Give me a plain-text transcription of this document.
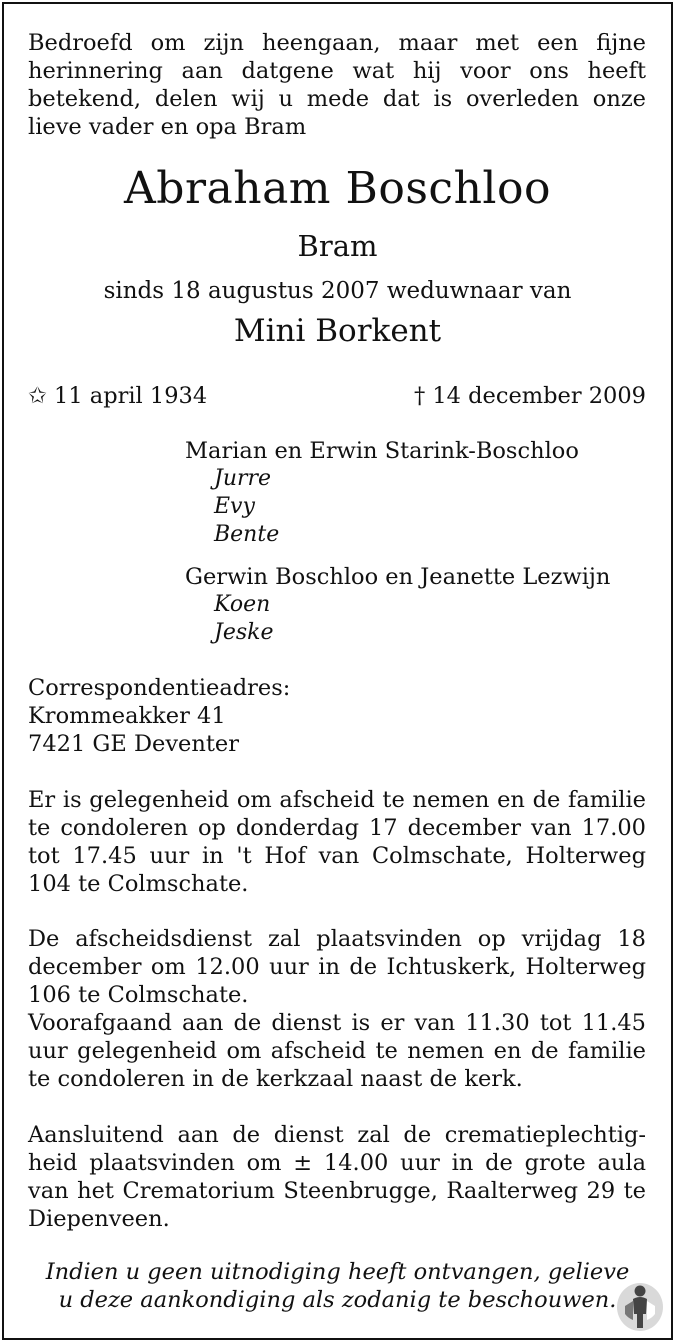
Bedroefd om zijn heengaan, maar met een fijne herinnering aan datgene wat hij voor ons heeft betekend, delen wij u mede dat is overleden onze lieve vader en opa Bram
Abraham Boschloo
Bram
sinds 18 augustus 2007 weduwnaar van
Mini Borkent
✩ 11 april 1934	† 14 december 2009
Marian en Erwin Starink-Boschloo
Jurre
Evy
Bente
Gerwin Boschloo en Jeanette Lezwijn
Koen
Jeske
Correspondentieadres:
Krommeakker 41
7421 GE Deventer
Er is gelegenheid om afscheid te nemen en de familie te condoleren op donderdag 17 december van 17.00 tot 17.45 uur in 't Hof van Colmschate, Holterweg 104 te Colmschate.
De afscheidsdienst zal plaatsvinden op vrijdag 18 december om 12.00 uur in de Ichtuskerk, Holterweg 106 te Colmschate.
Voorafgaand aan de dienst is er van 11.30 tot 11.45 uur gelegenheid om afscheid te nemen en de familie te condoleren in de kerkzaal naast de kerk.
Aansluitend aan de dienst zal de crematieplechtigheid plaatsvinden om ± 14.00 uur in de grote aula van het Crematorium Steenbrugge, Raalterweg 29 te Diepenveen.
Indien u geen uitnodiging heeft ontvangen, gelieve
u deze aankondiging als zodanig te beschouwen.
